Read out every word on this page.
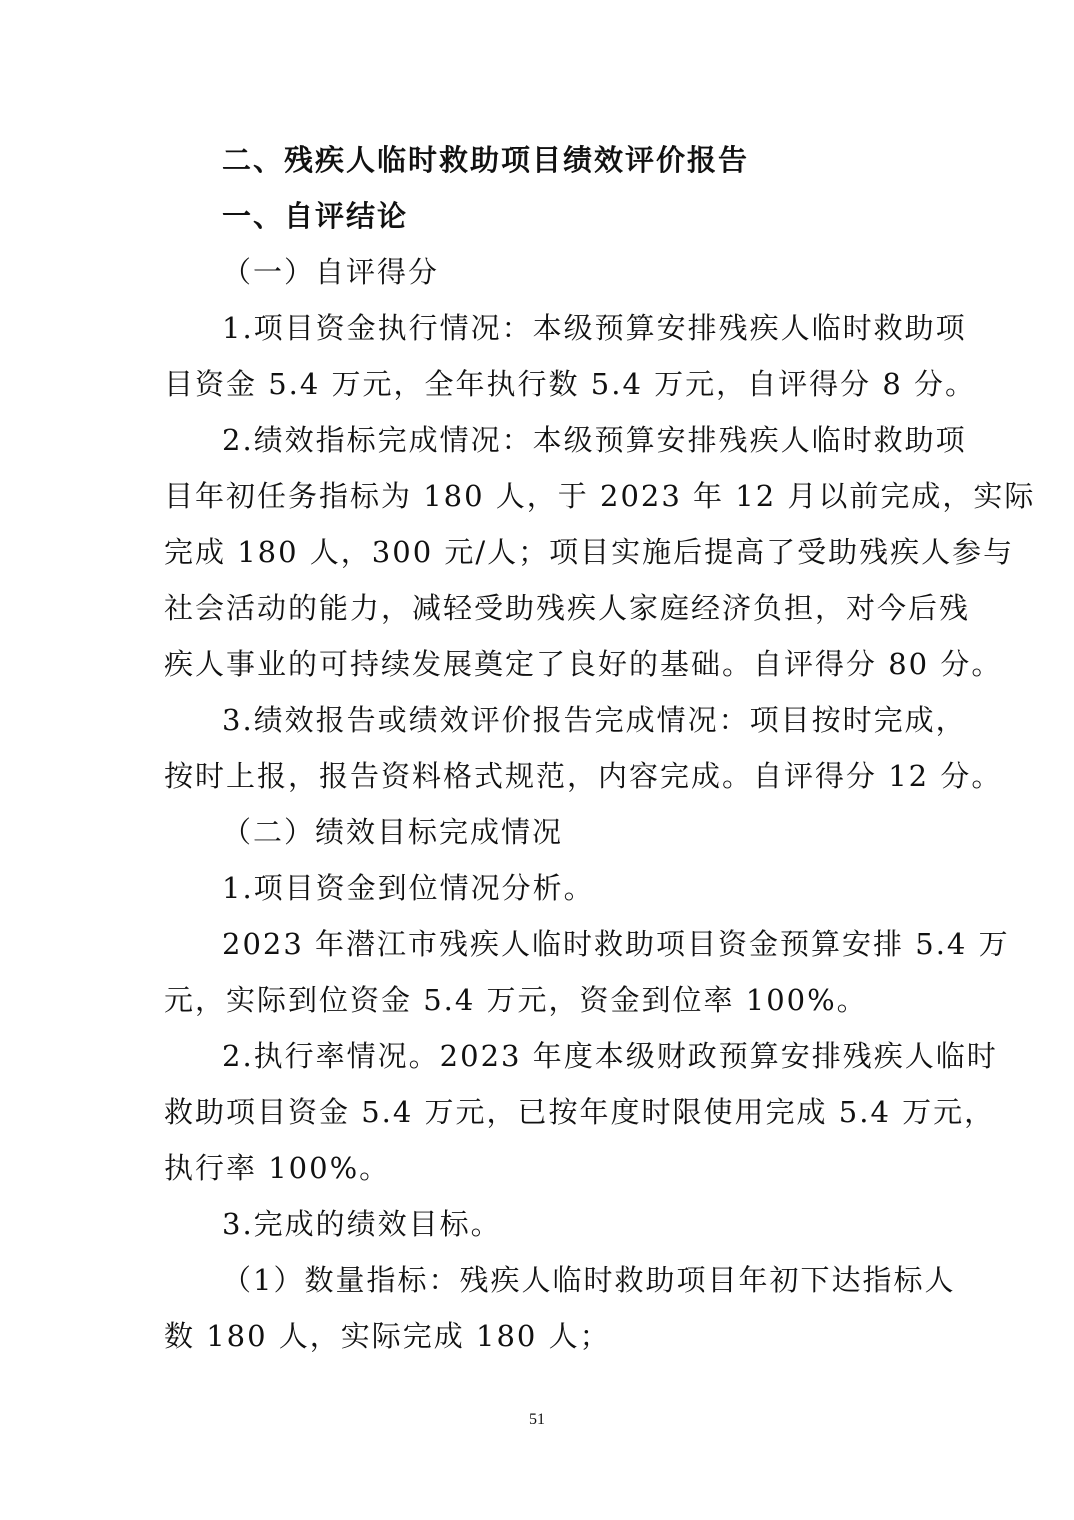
二、残疾人临时救助项目绩效评价报告
一、自评结论
（一）自评得分
1.项目资金执行情况：本级预算安排残疾人临时救助项
目资金 5.4 万元，全年执行数 5.4 万元，自评得分 8 分。
2.绩效指标完成情况：本级预算安排残疾人临时救助项
目年初任务指标为 180 人，于 2023 年 12 月以前完成，实际
完成 180 人，300 元/人；项目实施后提高了受助残疾人参与
社会活动的能力，减轻受助残疾人家庭经济负担，对今后残
疾人事业的可持续发展奠定了良好的基础。自评得分 80 分。
3.绩效报告或绩效评价报告完成情况：项目按时完成，
按时上报，报告资料格式规范，内容完成。自评得分 12 分。
（二）绩效目标完成情况
1.项目资金到位情况分析。
2023 年潜江市残疾人临时救助项目资金预算安排 5.4 万
元，实际到位资金 5.4 万元，资金到位率 100%。
2.执行率情况。2023 年度本级财政预算安排残疾人临时
救助项目资金 5.4 万元，已按年度时限使用完成 5.4 万元，
执行率 100%。
3.完成的绩效目标。
（1）数量指标：残疾人临时救助项目年初下达指标人
数 180 人，实际完成 180 人；
51
